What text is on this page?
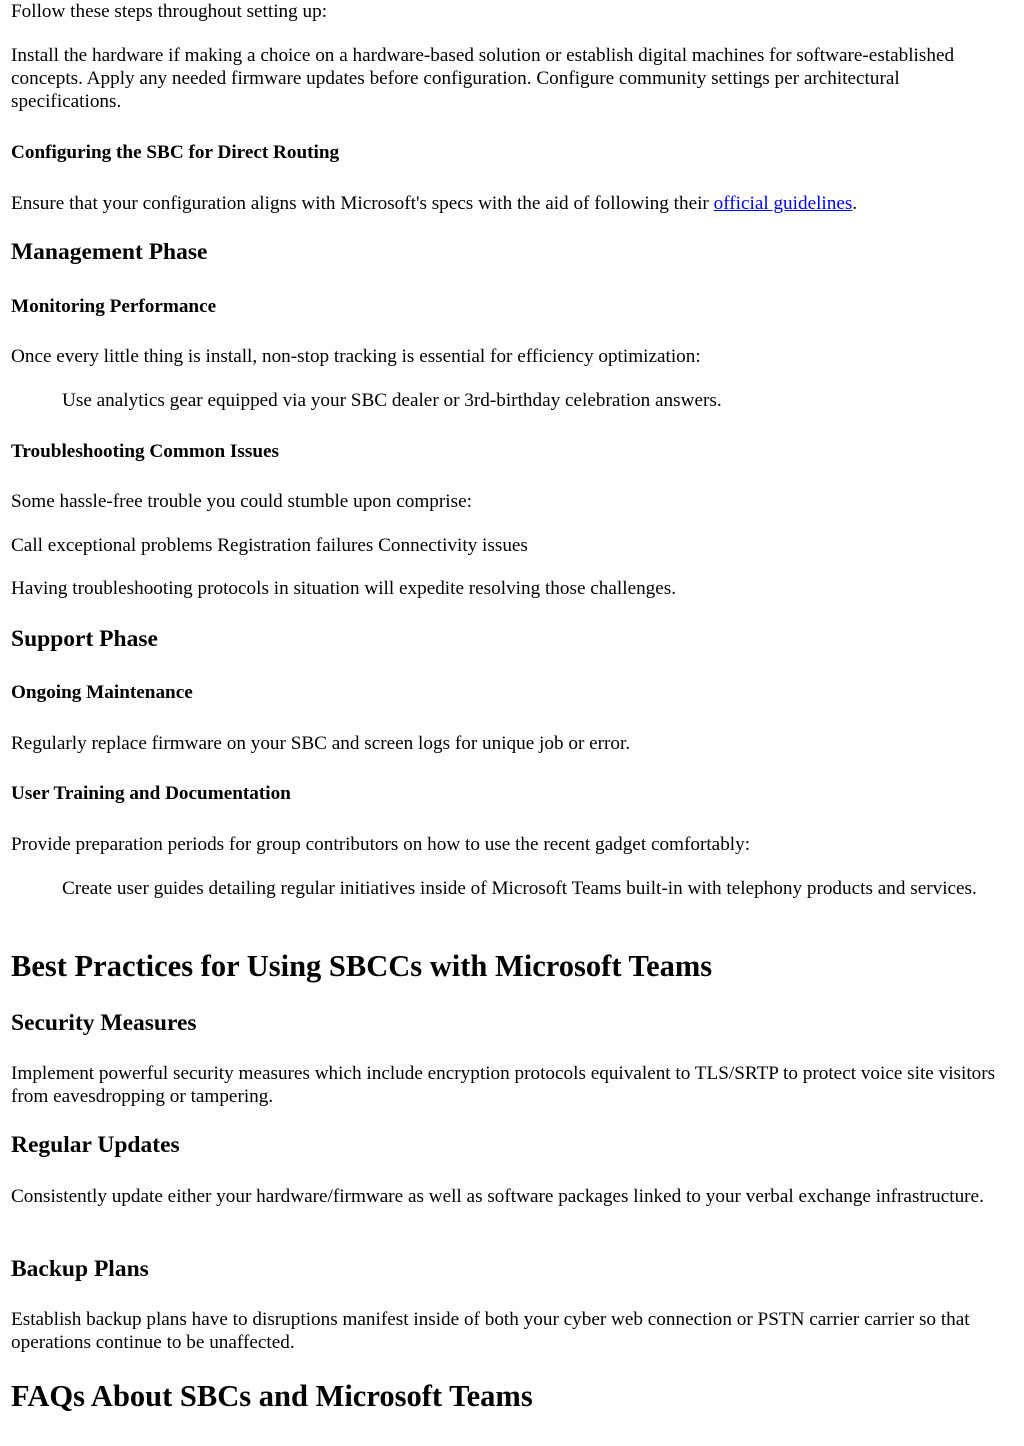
Follow these steps throughout setting up:

Install the hardware if making a choice on a hardware-based solution or establish digital machines for software-established concepts. Apply any needed firmware updates before configuration. Configure community settings per architectural specifications.

Configuring the SBC for Direct Routing

Ensure that your configuration aligns with Microsoft's specs with the aid of following their official guidelines.

Management Phase
Monitoring Performance

Once every little thing is install, non-stop tracking is essential for efficiency optimization:

Use analytics gear equipped via your SBC dealer or 3rd-birthday celebration answers.

Troubleshooting Common Issues

Some hassle-free trouble you could stumble upon comprise:

Call exceptional problems Registration failures Connectivity issues

Having troubleshooting protocols in situation will expedite resolving those challenges.

Support Phase
Ongoing Maintenance

Regularly replace firmware on your SBC and screen logs for unique job or error.

User Training and Documentation

Provide preparation periods for group contributors on how to use the recent gadget comfortably:

Create user guides detailing regular initiatives inside of Microsoft Teams built-in with telephony products and services.

Best Practices for Using SBCCs with Microsoft Teams
Security Measures

Implement powerful security measures which include encryption protocols equivalent to TLS/SRTP to protect voice site visitors from eavesdropping or tampering.

Regular Updates

Consistently update either your hardware/firmware as well as software packages linked to your verbal exchange infrastructure.

Backup Plans

Establish backup plans have to disruptions manifest inside of both your cyber web connection or PSTN carrier carrier so that operations continue to be unaffected.

FAQs About SBCs and Microsoft Teams
